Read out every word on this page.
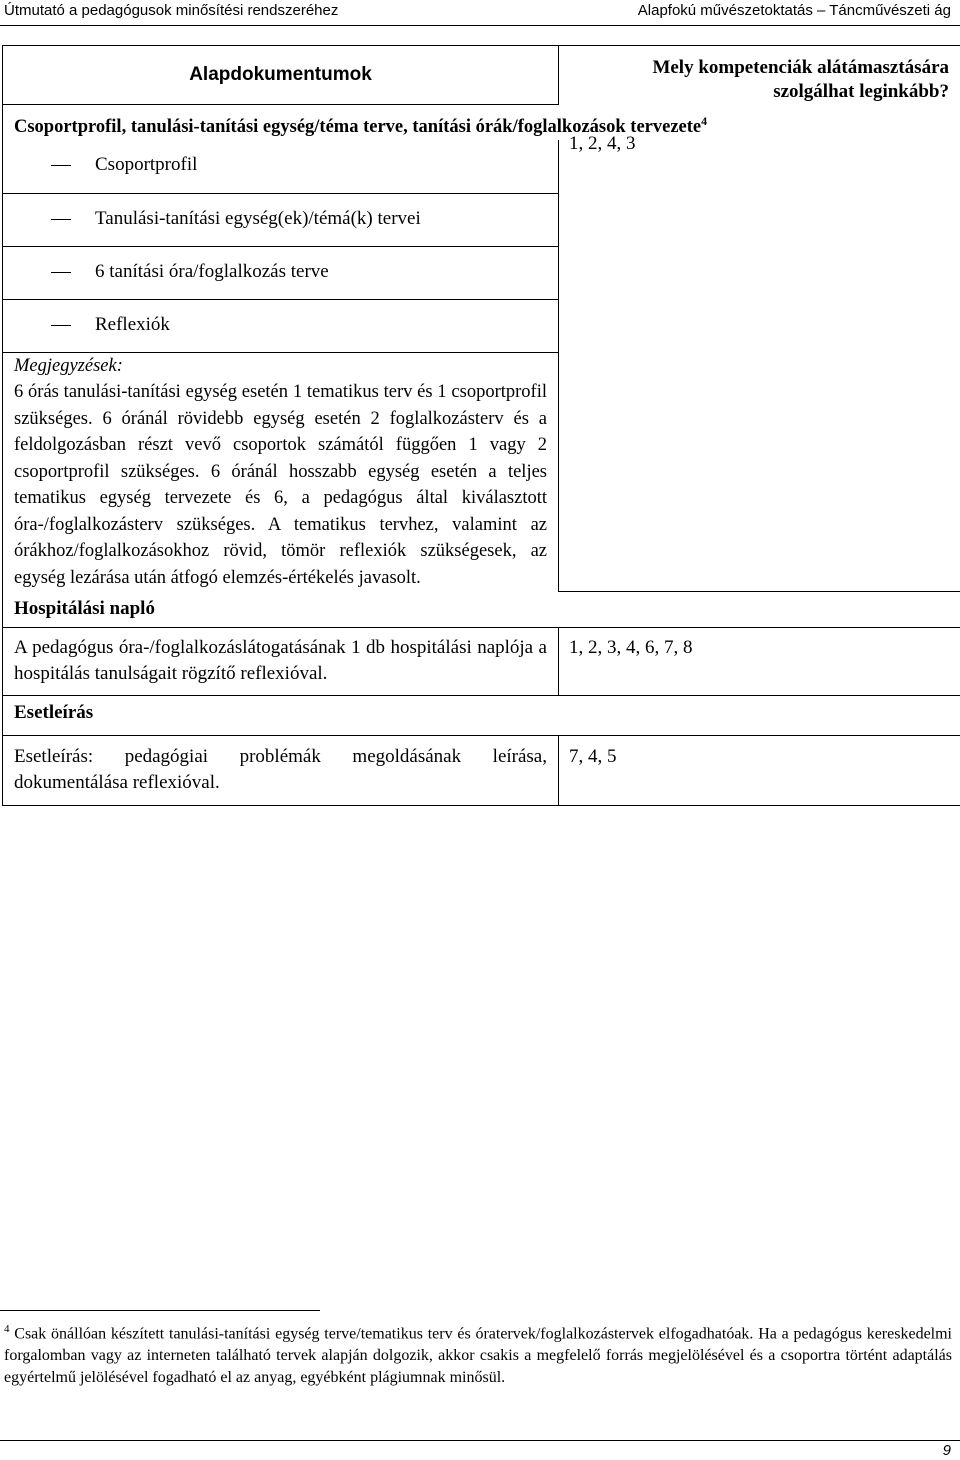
Útmutató a pedagógusok minősítési rendszeréhez	Alapfokú művészetoktatás – Táncművészeti ág
Alapdokumentumok	Mely kompetenciák alátámasztására szolgálhat leginkább?
Csoportprofil, tanulási-tanítási egység/téma terve, tanítási órák/foglalkozások tervezete$^4$
Csoportprofil	1, 2, 4, 3

Tanulási-tanítási egység(ek)/témá(k) tervei	
6 tanítási óra/foglalkozás terve	
Reflexiók	

Megjegyzések:
6 órás tanulási-tanítási egység esetén 1 tematikus terv és 1 csoportprofil szükséges. 6 óránál rövidebb egység esetén 2 foglalkozásterv és a feldolgozásban részt vevő csoportok számától függően 1 vagy 2 csoportprofil szükséges. 6 óránál hosszabb egység esetén a teljes tematikus egység tervezete és 6, a pedagógus által kiválasztott óra-/foglalkozásterv szükséges. A tematikus tervhez, valamint az órákhoz/foglalkozásokhoz rövid, tömör reflexiók szükségesek, az egység lezárása után átfogó elemzés-értékelés javasolt.	

Hospitálási napló	
A pedagógus óra-/foglalkozáslátogatásának 1 db hospitálási naplója a hospitálás tanulságait rögzítő reflexióval.	1, 2, 3, 4, 6, 7, 8
Esetleírás	
Esetleírás: pedagógiai problémák megoldásának leírása, dokumentálása reflexióval.	7, 4, 5
$^4$ Csak önállóan készített tanulási-tanítási egység terve/tematikus terv és óratervek/foglalkozástervek elfogadhatóak. Ha a pedagógus kereskedelmi forgalomban vagy az interneten található tervek alapján dolgozik, akkor csakis a megfelelő forrás megjelölésével és a csoportra történt adaptálás egyértelmű jelölésével fogadható el az anyag, egyébként plágiumnak minősül.
9
